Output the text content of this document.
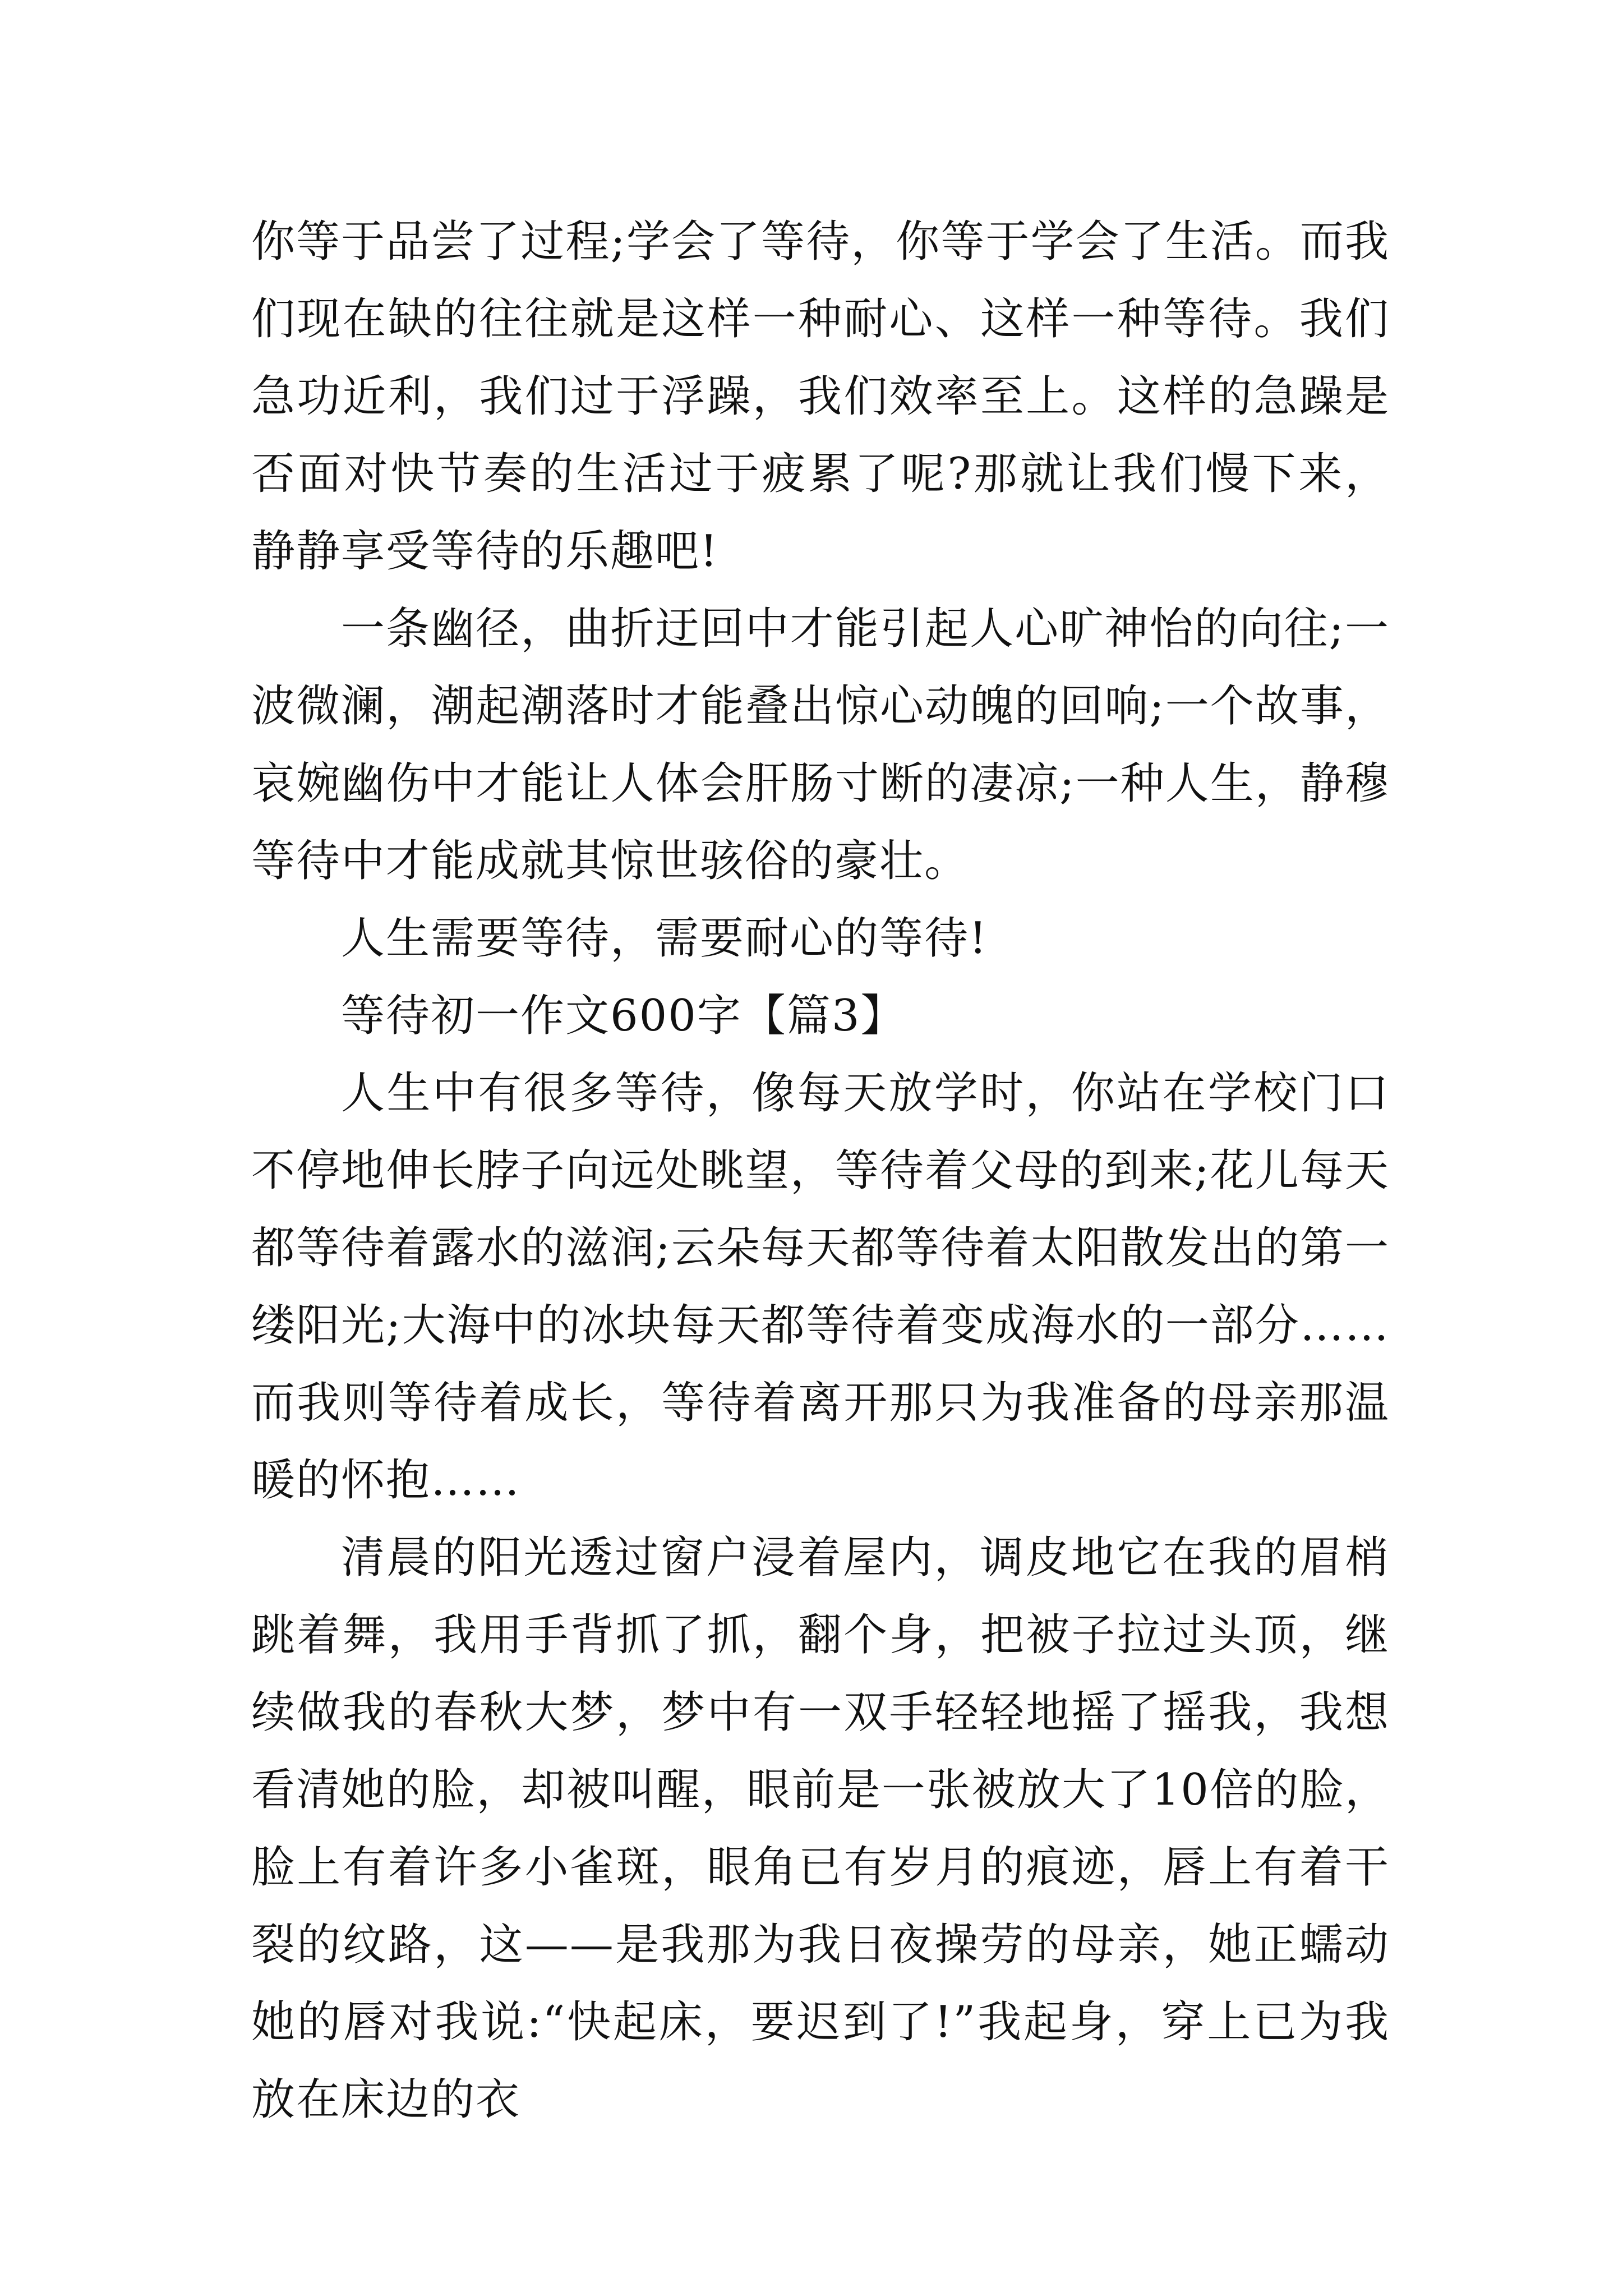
你等于品尝了过程;学会了等待，你等于学会了生活。而我们现在缺的往往就是这样一种耐心、这样一种等待。我们急功近利，我们过于浮躁，我们效率至上。这样的急躁是否面对快节奏的生活过于疲累了呢?那就让我们慢下来，静静享受等待的乐趣吧!

一条幽径，曲折迂回中才能引起人心旷神怡的向往;一波微澜，潮起潮落时才能叠出惊心动魄的回响;一个故事，哀婉幽伤中才能让人体会肝肠寸断的凄凉;一种人生，静穆等待中才能成就其惊世骇俗的豪壮。

人生需要等待，需要耐心的等待!

等待初一作文600字【篇3】

人生中有很多等待，像每天放学时，你站在学校门口不停地伸长脖子向远处眺望，等待着父母的到来;花儿每天都等待着露水的滋润;云朵每天都等待着太阳散发出的第一缕阳光;大海中的冰块每天都等待着变成海水的一部分……而我则等待着成长，等待着离开那只为我准备的母亲那温暖的怀抱……

清晨的阳光透过窗户浸着屋内，调皮地它在我的眉梢跳着舞，我用手背抓了抓，翻个身，把被子拉过头顶，继续做我的春秋大梦，梦中有一双手轻轻地摇了摇我，我想看清她的脸，却被叫醒，眼前是一张被放大了10倍的脸，脸上有着许多小雀斑，眼角已有岁月的痕迹，唇上有着干裂的纹路，这——是我那为我日夜操劳的母亲，她正蠕动她的唇对我说:“快起床，要迟到了!”我起身，穿上已为我放在床边的衣
